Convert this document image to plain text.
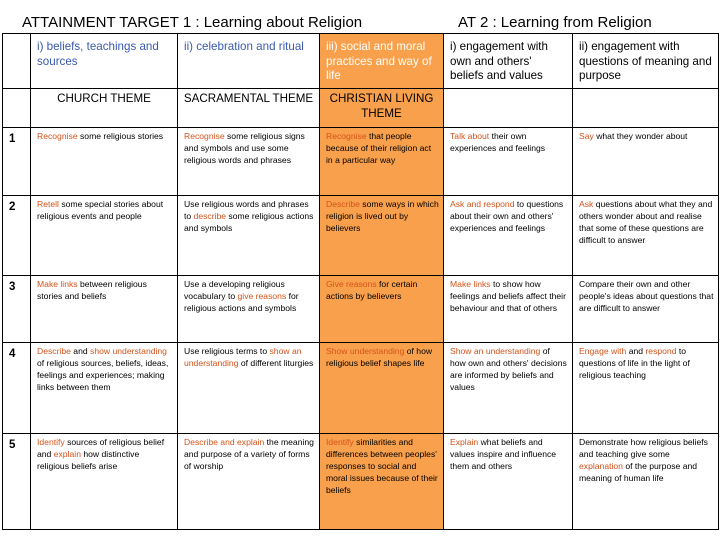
ATTAINMENT TARGET 1 : Learning about Religion	AT 2 : Learning from Religion
	i) beliefs, teachings and sources	ii) celebration and ritual	iii) social and moral practices and way of life	i) engagement with own and others' beliefs and values	ii) engagement with questions of meaning and purpose
	CHURCH THEME	SACRAMENTAL THEME	CHRISTIAN LIVING THEME		
1	Recognise some religious stories	Recognise some religious signs and symbols and use some religious words and phrases	Recognise that people because of their religion act in a particular way	Talk about their own experiences and feelings	Say what they wonder about
2	Retell some special stories about religious events and people	Use religious words and phrases to describe some religious actions and symbols	Describe some ways in which religion is lived out by believers	Ask and respond to questions about their own and others' experiences and feelings	Ask questions about what they and others wonder about and realise that some of these questions are difficult to answer
3	Make links between religious stories and beliefs	Use a developing religious vocabulary to give reasons for religious actions and symbols	Give reasons for certain actions by believers	Make links to show how feelings and beliefs affect their behaviour and that of others	Compare their own and other people's ideas about questions that are difficult to answer
4	Describe and show understanding of religious sources, beliefs, ideas, feelings and experiences; making links between them	Use religious terms to show an understanding of different liturgies	Show understanding of how religious belief shapes life	Show an understanding of how own and others' decisions are informed by beliefs and values	Engage with and respond to questions of life in the light of religious teaching
5	Identify sources of religious belief and explain how distinctive religious beliefs arise	Describe and explain the meaning and purpose of a variety of forms of worship	Identify similarities and differences between peoples' responses to social and moral issues because of their beliefs	Explain what beliefs and values inspire and influence them and others	Demonstrate how religious beliefs and teaching give some explanation of the purpose and meaning of human life
